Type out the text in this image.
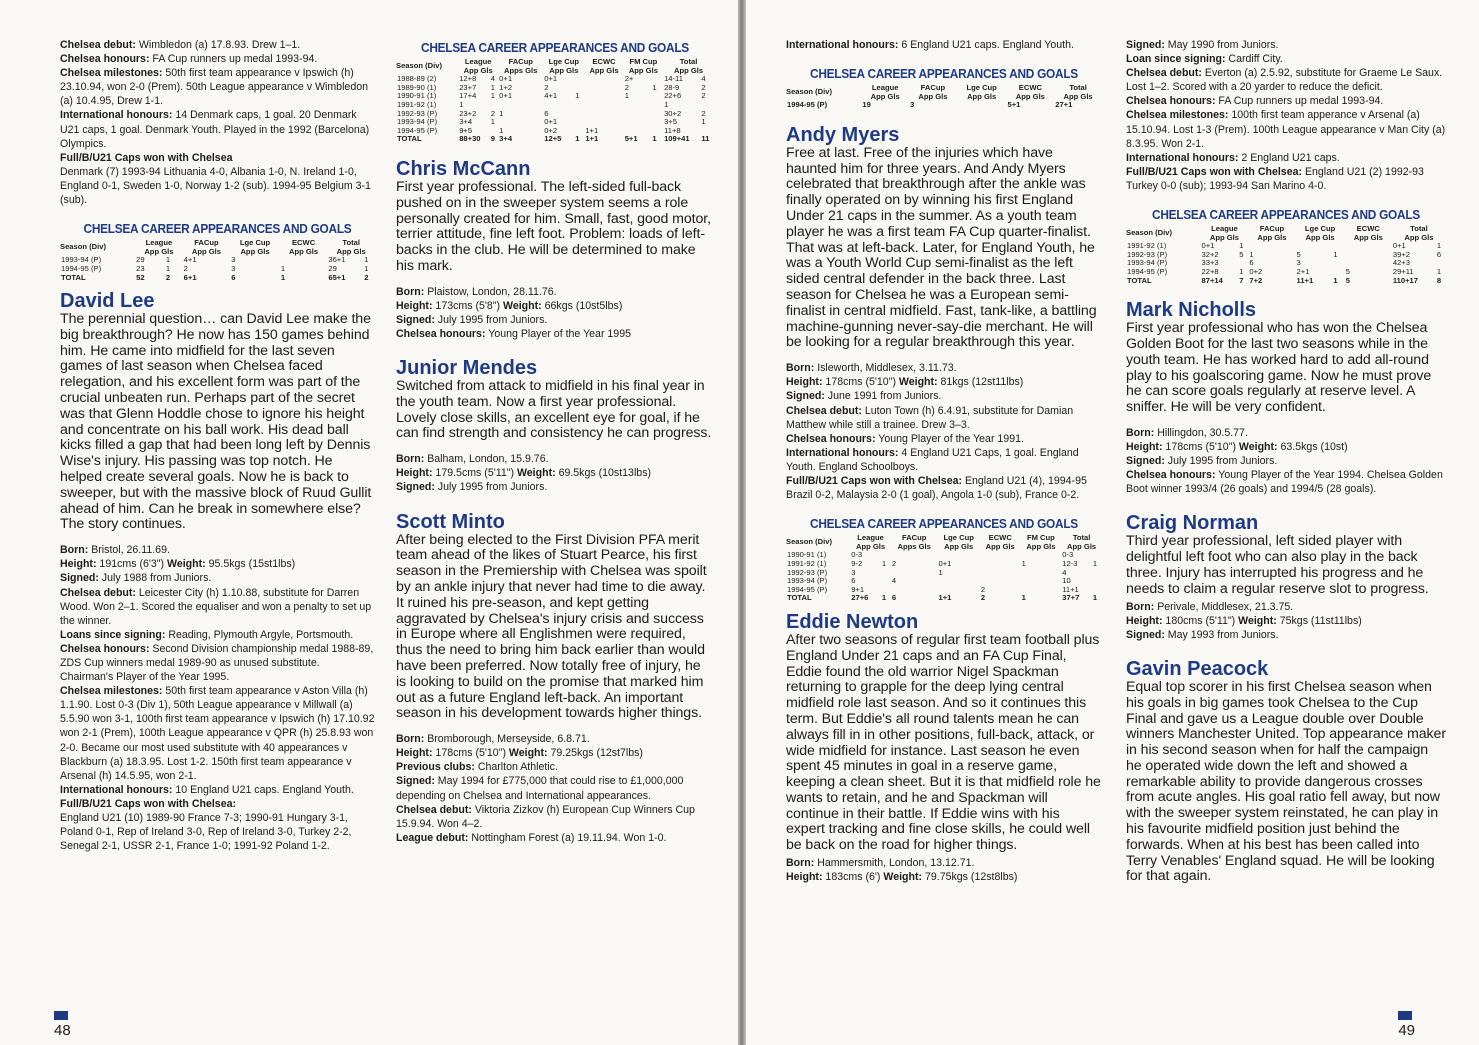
Chelsea debut: Wimbledon (a) 17.8.93. Drew 1–1.

Chelsea honours: FA Cup runners up medal 1993-94.

Chelsea milestones: 50th first team appearance v Ipswich (h) 23.10.94, won 2-0 (Prem). 50th League appearance v Wimbledon (a) 10.4.95, Drew 1-1.

International honours: 14 Denmark caps, 1 goal. 20 Denmark U21 caps, 1 goal. Denmark Youth. Played in the 1992 (Barcelona) Olympics.

Full/B/U21 Caps won with Chelsea

Denmark (7) 1993-94 Lithuania 4-0, Albania 1-0, N. Ireland 1-0, England 0-1, Sweden 1-0, Norway 1-2 (sub). 1994-95 Belgium 3-1 (sub).

CHELSEA CAREER APPEARANCES AND GOALS
Season (Div)	League		FACup		Lge Cup		ECWC		Total	
	App Gls		App Gls		App Gls		App Gls		App Gls	
1993-94 (P)	29	1	4+1		3				36+1	1
1994-95 (P)	23	1	2		3		1		29	1
TOTAL	52	2	6+1		6		1		65+1	2
David Lee

The perennial question… can David Lee make the big breakthrough? He now has 150 games behind him. He came into midfield for the last seven games of last season when Chelsea faced relegation, and his excellent form was part of the crucial unbeaten run. Perhaps part of the secret was that Glenn Hoddle chose to ignore his height and concentrate on his ball work. His dead ball kicks filled a gap that had been long left by Dennis Wise's injury. His passing was top notch. He helped create several goals. Now he is back to sweeper, but with the massive block of Ruud Gullit ahead of him. Can he break in somewhere else? The story continues.

Born: Bristol, 26.11.69.

Height: 191cms (6'3") Weight: 95.5kgs (15st1lbs)

Signed: July 1988 from Juniors.

Chelsea debut: Leicester City (h) 1.10.88, substitute for Darren Wood. Won 2–1. Scored the equaliser and won a penalty to set up the winner.

Loans since signing: Reading, Plymouth Argyle, Portsmouth.

Chelsea honours: Second Division championship medal 1988-89, ZDS Cup winners medal 1989-90 as unused substitute. Chairman's Player of the Year 1995.

Chelsea milestones: 50th first team appearance v Aston Villa (h) 1.1.90. Lost 0-3 (Div 1), 50th League appearance v Millwall (a) 5.5.90 won 3-1, 100th first team appearance v Ipswich (h) 17.10.92 won 2-1 (Prem), 100th League appearance v QPR (h) 25.8.93 won 2-0. Became our most used substitute with 40 appearances v Blackburn (a) 18.3.95. Lost 1-2. 150th first team appearance v Arsenal (h) 14.5.95, won 2-1.

International honours: 10 England U21 caps. England Youth.

Full/B/U21 Caps won with Chelsea:

England U21 (10) 1989-90 France 7-3; 1990-91 Hungary 3-1, Poland 0-1, Rep of Ireland 3-0, Rep of Ireland 3-0, Turkey 2-2, Senegal 2-1, USSR 2-1, France 1-0; 1991-92 Poland 1-2.

CHELSEA CAREER APPEARANCES AND GOALS
Season (Div)	League		FACup		Lge Cup		ECWC		FM Cup		Total	
	App Gls		Apps Gls		App Gls		App Gls		App Gls		App Gls	
1988-89 (2)	12+8	4	0+1		0+1				2+		14-11	4
1989-90 (1)	23+7	1	1+2		2				2	1	28-9	2
1990-91 (1)	17+4	1	0+1		4+1	1			1		22+6	2
1991-92 (1)	1										1	
1992-93 (P)	23+2	2	1		6						30+2	2
1993-94 (P)	3+4	1			0+1						3+5	1
1994-95 (P)	9+5		1		0+2		1+1				11+8	
TOTAL	88+30	9	3+4		12+5	1	1+1		5+1	1	109+41	11
Chris McCann

First year professional. The left-sided full-back pushed on in the sweeper system seems a role personally created for him. Small, fast, good motor, terrier attitude, fine left foot. Problem: loads of left-backs in the club. He will be determined to make his mark.

Born: Plaistow, London, 28.11.76.

Height: 173cms (5'8") Weight: 66kgs (10st5lbs)

Signed: July 1995 from Juniors.

Chelsea honours: Young Player of the Year 1995

Junior Mendes

Switched from attack to midfield in his final year in the youth team. Now a first year professional. Lovely close skills, an excellent eye for goal, if he can find strength and consistency he can progress.

Born: Balham, London, 15.9.76.

Height: 179.5cms (5'11") Weight: 69.5kgs (10st13lbs)

Signed: July 1995 from Juniors.

Scott Minto

After being elected to the First Division PFA merit team ahead of the likes of Stuart Pearce, his first season in the Premiership with Chelsea was spoilt by an ankle injury that never had time to die away. It ruined his pre-season, and kept getting aggravated by Chelsea's injury crisis and success in Europe where all Englishmen were required, thus the need to bring him back earlier than would have been preferred. Now totally free of injury, he is looking to build on the promise that marked him out as a future England left-back. An important season in his development towards higher things.

Born: Bromborough, Merseyside, 6.8.71.

Height: 178cms (5'10") Weight: 79.25kgs (12st7lbs)

Previous clubs: Charlton Athletic.

Signed: May 1994 for £775,000 that could rise to £1,000,000 depending on Chelsea and International appearances.

Chelsea debut: Viktoria Zizkov (h) European Cup Winners Cup 15.9.94. Won 4–2.

League debut: Nottingham Forest (a) 19.11.94. Won 1-0.

48

International honours: 6 England U21 caps. England Youth.

CHELSEA CAREER APPEARANCES AND GOALS
Season (Div)	League		FACup		Lge Cup		ECWC		Total	
	App Gls		App Gls		App Gls		App Gls		App Gls	
1994-95 (P)	19		3				5+1		27+1	
Andy Myers

Free at last. Free of the injuries which have haunted him for three years. And Andy Myers celebrated that breakthrough after the ankle was finally operated on by winning his first England Under 21 caps in the summer. As a youth team player he was a first team FA Cup quarter-finalist. That was at left-back. Later, for England Youth, he was a Youth World Cup semi-finalist as the left sided central defender in the back three. Last season for Chelsea he was a European semi-finalist in central midfield. Fast, tank-like, a battling machine-gunning never-say-die merchant. He will be looking for a regular breakthrough this year.

Born: Isleworth, Middlesex, 3.11.73.

Height: 178cms (5'10") Weight: 81kgs (12st11lbs)

Signed: June 1991 from Juniors.

Chelsea debut: Luton Town (h) 6.4.91, substitute for Damian Matthew while still a trainee. Drew 3–3.

Chelsea honours: Young Player of the Year 1991.

International honours: 4 England U21 Caps, 1 goal. England Youth. England Schoolboys.

Full/B/U21 Caps won with Chelsea: England U21 (4), 1994-95 Brazil 0-2, Malaysia 2-0 (1 goal), Angola 1-0 (sub), France 0-2.

CHELSEA CAREER APPEARANCES AND GOALS
Season (Div)	League		FACup		Lge Cup		ECWC		FM Cup		Total	
	App Gls		Apps Gls		App Gls		App Gls		App Gls		App Gls	
1990-91 (1)	0-3										0-3	
1991-92 (1)	9-2	1	2		0+1				1		12-3	1
1992-93 (P)	3				1						4	
1993-94 (P)	6		4								10	
1994-95 (P)	9+1						2				11+1	
TOTAL	27+6	1	6		1+1		2		1		37+7	1
Eddie Newton

After two seasons of regular first team football plus England Under 21 caps and an FA Cup Final, Eddie found the old warrior Nigel Spackman returning to grapple for the deep lying central midfield role last season. And so it continues this term. But Eddie's all round talents mean he can always fill in in other positions, full-back, attack, or wide midfield for instance. Last season he even spent 45 minutes in goal in a reserve game, keeping a clean sheet. But it is that midfield role he wants to retain, and he and Spackman will continue in their battle. If Eddie wins with his expert tracking and fine close skills, he could well be back on the road for higher things.

Born: Hammersmith, London, 13.12.71.

Height: 183cms (6') Weight: 79.75kgs (12st8lbs)

Signed: May 1990 from Juniors.

Loan since signing: Cardiff City.

Chelsea debut: Everton (a) 2.5.92, substitute for Graeme Le Saux. Lost 1–2. Scored with a 20 yarder to reduce the deficit.

Chelsea honours: FA Cup runners up medal 1993-94.

Chelsea milestones: 100th first team apperance v Arsenal (a) 15.10.94. Lost 1-3 (Prem). 100th League appearance v Man City (a) 8.3.95. Won 2-1.

International honours: 2 England U21 caps.

Full/B/U21 Caps won with Chelsea: England U21 (2) 1992-93 Turkey 0-0 (sub); 1993-94 San Marino 4-0.

CHELSEA CAREER APPEARANCES AND GOALS
Season (Div)	League		FACup		Lge Cup		ECWC		Total	
	App Gls		App Gls		App Gls		App Gls		App Gls	
1991-92 (1)	0+1	1							0+1	1
1992-93 (P)	32+2	5	1		5	1			39+2	6
1993-94 (P)	33+3		6		3				42+3	
1994-95 (P)	22+8	1	0+2		2+1		5		29+11	1
TOTAL	87+14	7	7+2		11+1	1	5		110+17	8
Mark Nicholls

First year professional who has won the Chelsea Golden Boot for the last two seasons while in the youth team. He has worked hard to add all-round play to his goalscoring game. Now he must prove he can score goals regularly at reserve level. A sniffer. He will be very confident.

Born: Hillingdon, 30.5.77.

Height: 178cms (5'10") Weight: 63.5kgs (10st)

Signed: July 1995 from Juniors.

Chelsea honours: Young Player of the Year 1994. Chelsea Golden Boot winner 1993/4 (26 goals) and 1994/5 (28 goals).

Craig Norman

Third year professional, left sided player with delightful left foot who can also play in the back three. Injury has interrupted his progress and he needs to claim a regular reserve slot to progress.

Born: Perivale, Middlesex, 21.3.75.

Height: 180cms (5'11") Weight: 75kgs (11st11lbs)

Signed: May 1993 from Juniors.

Gavin Peacock

Equal top scorer in his first Chelsea season when his goals in big games took Chelsea to the Cup Final and gave us a League double over Double winners Manchester United. Top appearance maker in his second season when for half the campaign he operated wide down the left and showed a remarkable ability to provide dangerous crosses from acute angles. His goal ratio fell away, but now with the sweeper system reinstated, he can play in his favourite midfield position just behind the forwards. When at his best has been called into Terry Venables' England squad. He will be looking for that again.

49
